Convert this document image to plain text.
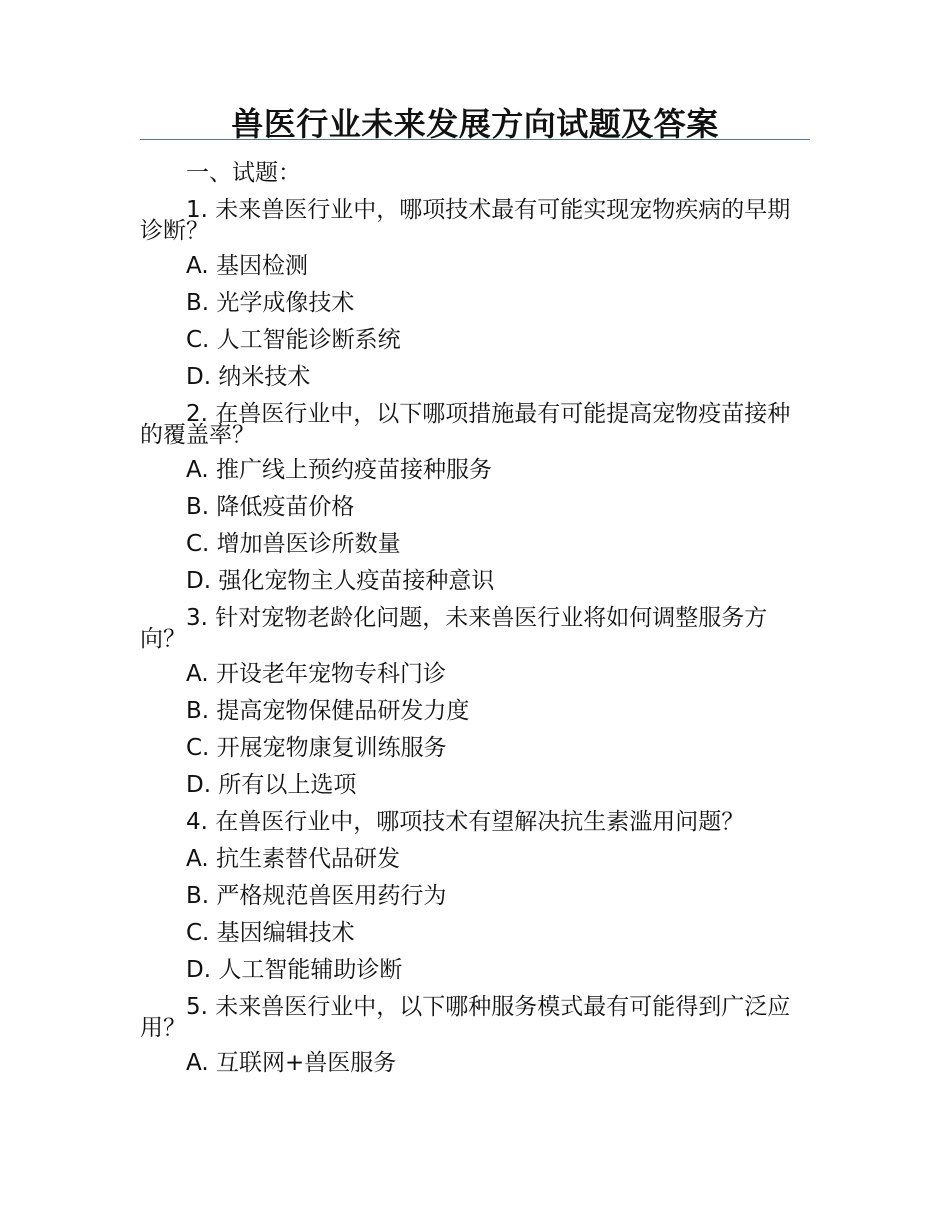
兽医行业未来发展方向试题及答案
一、试题：
1. 未来兽医行业中，哪项技术最有可能实现宠物疾病的早期诊断？
A. 基因检测
B. 光学成像技术
C. 人工智能诊断系统
D. 纳米技术
2. 在兽医行业中，以下哪项措施最有可能提高宠物疫苗接种的覆盖率？
A. 推广线上预约疫苗接种服务
B. 降低疫苗价格
C. 增加兽医诊所数量
D. 强化宠物主人疫苗接种意识
3. 针对宠物老龄化问题，未来兽医行业将如何调整服务方向？
A. 开设老年宠物专科门诊
B. 提高宠物保健品研发力度
C. 开展宠物康复训练服务
D. 所有以上选项
4. 在兽医行业中，哪项技术有望解决抗生素滥用问题？
A. 抗生素替代品研发
B. 严格规范兽医用药行为
C. 基因编辑技术
D. 人工智能辅助诊断
5. 未来兽医行业中，以下哪种服务模式最有可能得到广泛应用？
A. 互联网+兽医服务
